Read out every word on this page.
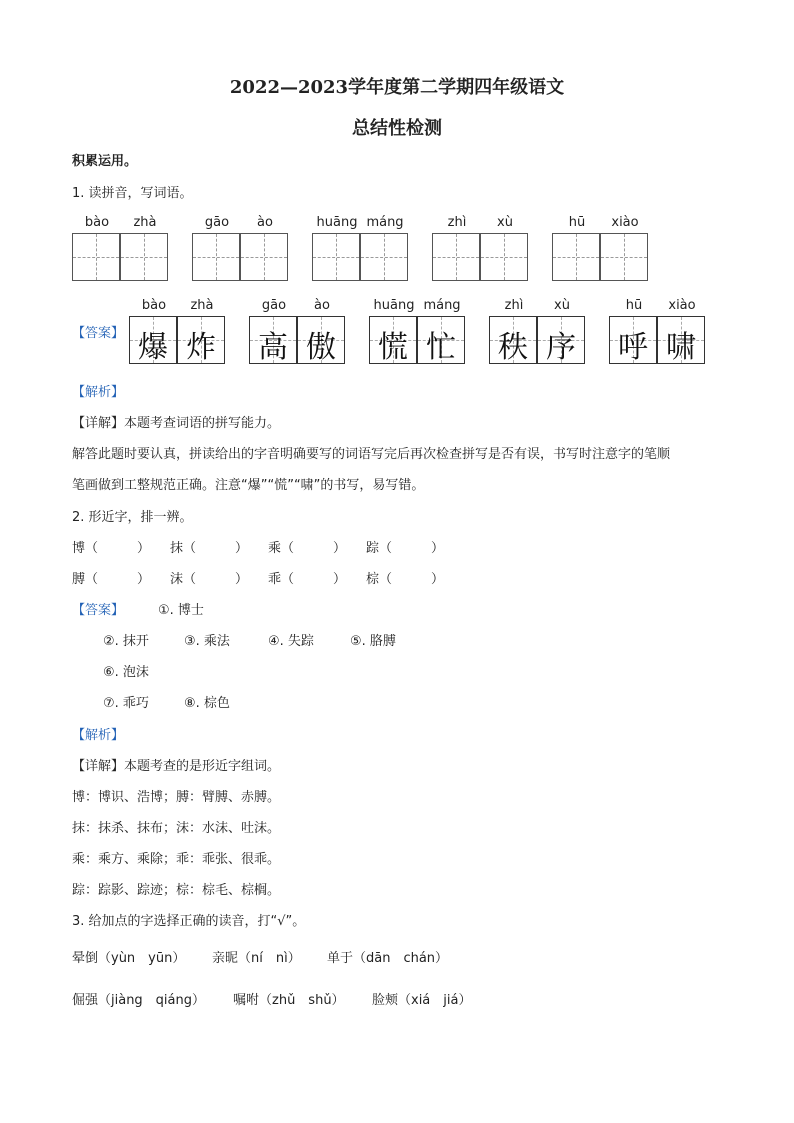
2022—2023学年度第二学期四年级语文
总结性检测
积累运用。
1. 读拼音，写词语。
bào	zhà	gāo	ào	huāng máng	zhì	xù	hū	xiào
【答案】
bào	zhà
爆 炸
gāo	ào
高 傲
huāng máng
慌 忙
zhì	xù
秩 序
hū	xiào
呼 啸
【解析】
【详解】本题考查词语的拼写能力。
解答此题时要认真，拼读给出的字音明确要写的词语写完后再次检查拼写是否有误，书写时注意字的笔顺
笔画做到工整规范正确。注意“爆”“慌”“啸”的书写，易写错。
2. 形近字，排一辨。
博（　　　） 抹（　　　） 乘（　　　） 踪（　　　）
膊（　　　） 沫（　　　） 乖（　　　） 棕（　　　）
【答案】	①. 博士
②. 抹开	③. 乘法	④. 失踪	⑤. 胳膊
⑥. 泡沫
⑦. 乖巧	⑧. 棕色
【解析】
【详解】本题考查的是形近字组词。
博：博识、浩博；膊：臂膊、赤膊。
抹：抹杀、抹布；沫：水沫、吐沫。
乘：乘方、乘除；乖：乖张、很乖。
踪：踪影、踪迹；棕：棕毛、棕榈。
3. 给加点的字选择正确的读音，打“√”。
晕倒（yùn　yūn） 亲昵（ní　nì） 单于（dān　chán）
倔强（jiàng　qiáng） 嘱咐（zhǔ　shǔ） 脸颊（xiá　jiá）
